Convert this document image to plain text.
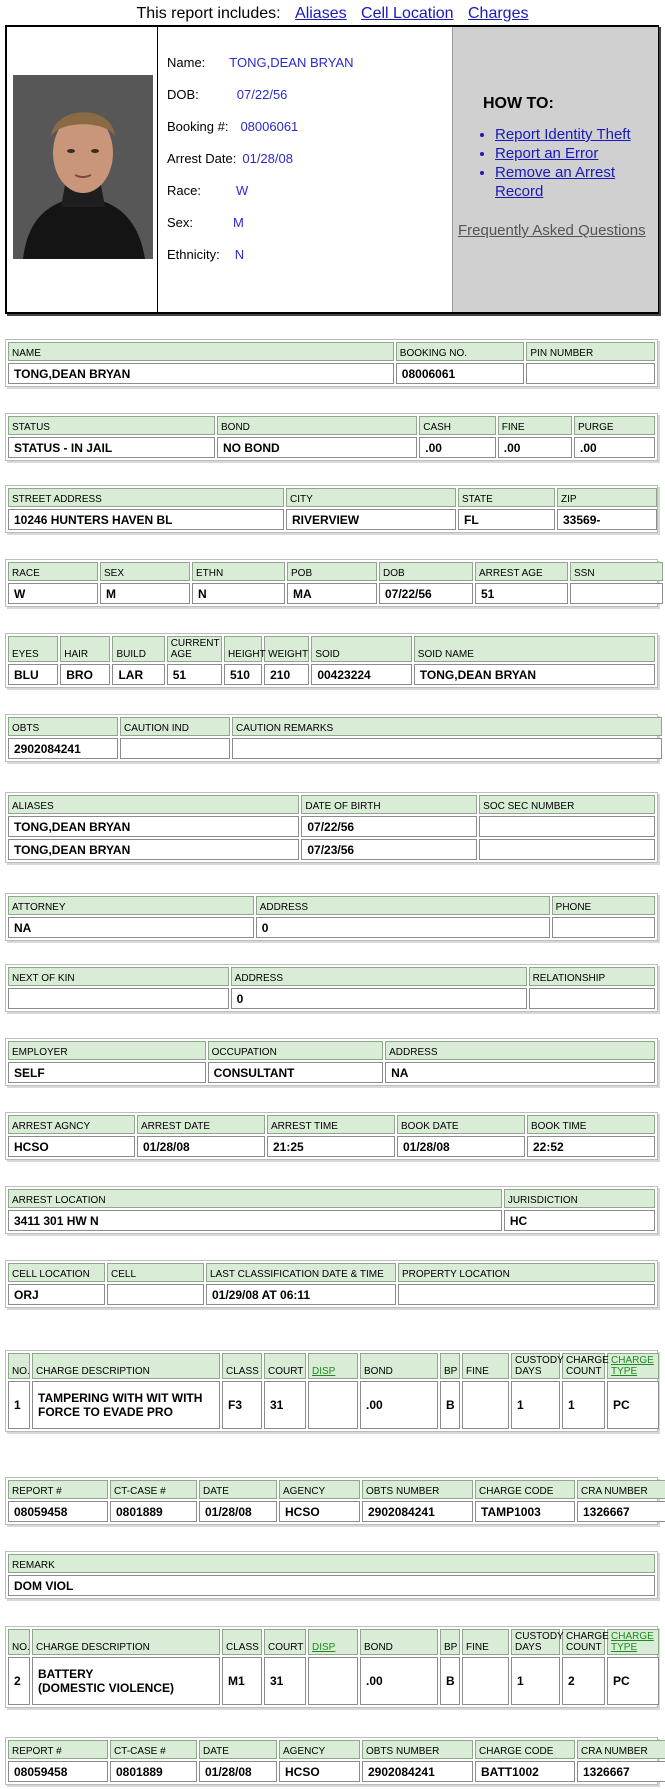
This report includes: Aliases Cell Location Charges
Name: TONG,DEAN BRYAN
DOB:	07/22/56
Booking #: 08006061
Arrest Date: 01/28/08
Race:	W
Sex:	M
Ethnicity: N
HOW TO:
• Report Identity Theft
• Report an Error
• Remove an Arrest Record
Frequently Asked Questions
NAME	BOOKING NO.	PIN NUMBER
TONG,DEAN BRYAN	08006061	
STATUS	BOND	CASH	FINE	PURGE
STATUS - IN JAIL	NO BOND	.00	.00	.00
STREET ADDRESS	CITY	STATE	ZIP
10246 HUNTERS HAVEN BL	RIVERVIEW	FL	33569-
RACE	SEX	ETHN	POB	DOB	ARREST AGE	SSN
W	M	N	MA	07/22/56	51	
EYES	HAIR	BUILD	CURRENT AGE	HEIGHT	WEIGHT	SOID	SOID NAME
BLU	BRO	LAR	51	510	210	00423224	TONG,DEAN BRYAN
OBTS	CAUTION IND	CAUTION REMARKS
2902084241		
ALIASES	DATE OF BIRTH	SOC SEC NUMBER
TONG,DEAN BRYAN	07/22/56	
TONG,DEAN BRYAN	07/23/56	
ATTORNEY	ADDRESS	PHONE
NA	0	
NEXT OF KIN	ADDRESS	RELATIONSHIP
	0	
EMPLOYER	OCCUPATION	ADDRESS
SELF	CONSULTANT	NA
ARREST AGNCY	ARREST DATE	ARREST TIME	BOOK DATE	BOOK TIME
HCSO	01/28/08	21:25	01/28/08	22:52
ARREST LOCATION	JURISDICTION
3411 301 HW N	HC
CELL LOCATION	CELL	LAST CLASSIFICATION DATE & TIME	PROPERTY LOCATION
ORJ		01/29/08 AT 06:11	
NO.	CHARGE DESCRIPTION	CLASS	COURT	DISP	BOND	BP	FINE	CUSTODY DAYS	CHARGE COUNT	CHARGE TYPE
1	TAMPERING WITH WIT WITH FORCE TO EVADE PRO	F3	31		.00	B		1	1	PC
REPORT #	CT-CASE #	DATE	AGENCY	OBTS NUMBER	CHARGE CODE	CRA NUMBER
08059458	0801889	01/28/08	HCSO	2902084241	TAMP1003	1326667
REMARK
DOM VIOL
NO.	CHARGE DESCRIPTION	CLASS	COURT	DISP	BOND	BP	FINE	CUSTODY DAYS	CHARGE COUNT	CHARGE TYPE
2	BATTERY
(DOMESTIC VIOLENCE)	M1	31		.00	B		1	2	PC
REPORT #	CT-CASE #	DATE	AGENCY	OBTS NUMBER	CHARGE CODE	CRA NUMBER
08059458	0801889	01/28/08	HCSO	2902084241	BATT1002	1326667
